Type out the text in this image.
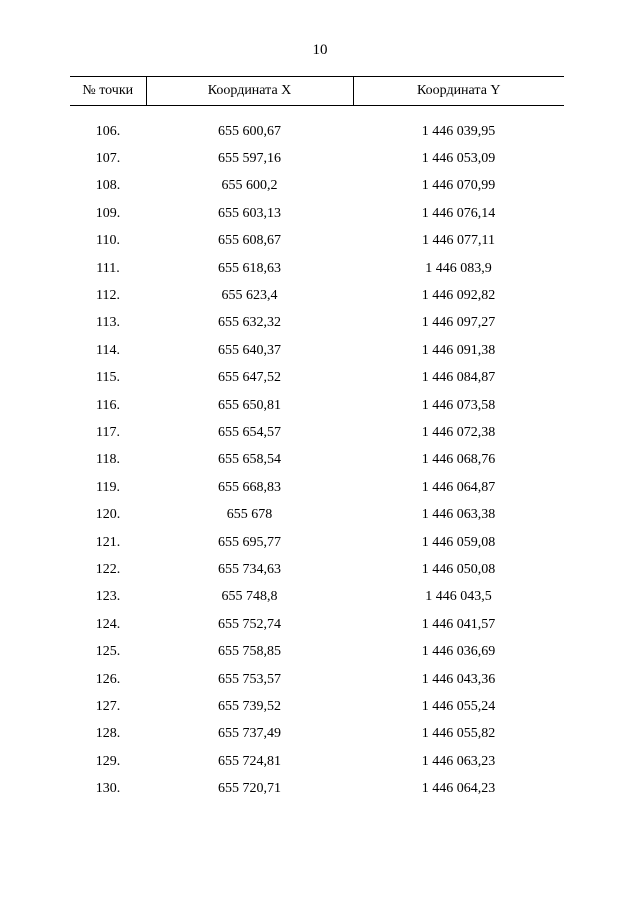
10
№ точки	Координата X	Координата Y

106.	655 600,67	1 446 039,95
107.	655 597,16	1 446 053,09
108.	655 600,2	1 446 070,99
109.	655 603,13	1 446 076,14
110.	655 608,67	1 446 077,11
111.	655 618,63	1 446 083,9
112.	655 623,4	1 446 092,82
113.	655 632,32	1 446 097,27
114.	655 640,37	1 446 091,38
115.	655 647,52	1 446 084,87
116.	655 650,81	1 446 073,58
117.	655 654,57	1 446 072,38
118.	655 658,54	1 446 068,76
119.	655 668,83	1 446 064,87
120.	655 678	1 446 063,38
121.	655 695,77	1 446 059,08
122.	655 734,63	1 446 050,08
123.	655 748,8	1 446 043,5
124.	655 752,74	1 446 041,57
125.	655 758,85	1 446 036,69
126.	655 753,57	1 446 043,36
127.	655 739,52	1 446 055,24
128.	655 737,49	1 446 055,82
129.	655 724,81	1 446 063,23
130.	655 720,71	1 446 064,23
